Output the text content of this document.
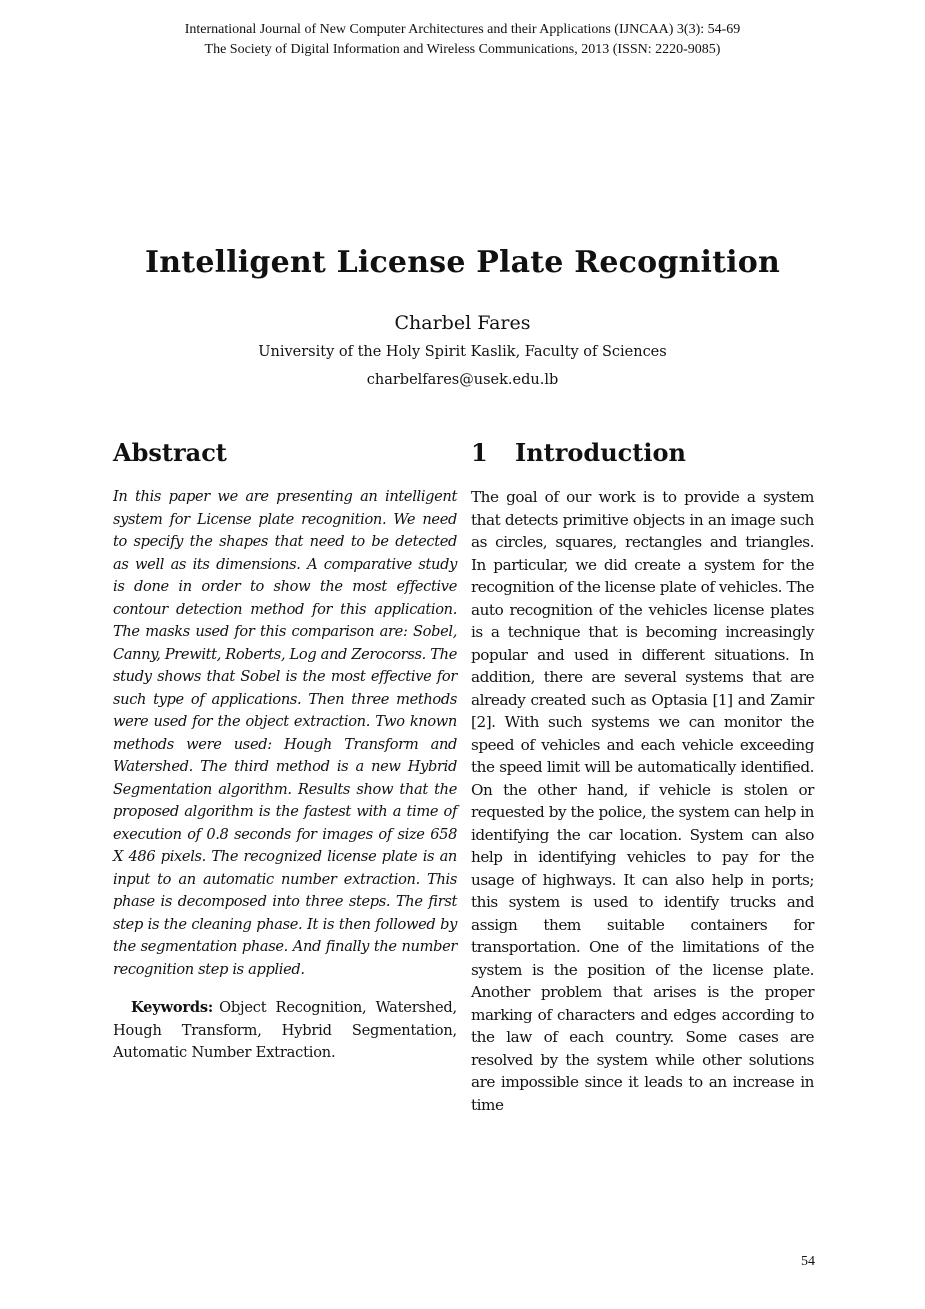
International Journal of New Computer Architectures and their Applications (IJNCAA) 3(3): 54-69
The Society of Digital Information and Wireless Communications, 2013 (ISSN: 2220-9085)
Intelligent License Plate Recognition
Charbel Fares
University of the Holy Spirit Kaslik, Faculty of Sciences
charbelfares@usek.edu.lb
Abstract

In this paper we are presenting an intelligent system for License plate recognition. We need to specify the shapes that need to be detected as well as its dimensions. A comparative study is done in order to show the most effective contour detection method for this application. The masks used for this comparison are: Sobel, Canny, Prewitt, Roberts, Log and Zerocorss. The study shows that Sobel is the most effective for such type of applications. Then three methods were used for the object extraction. Two known methods were used: Hough Transform and Watershed. The third method is a new Hybrid Segmentation algorithm. Results show that the proposed algorithm is the fastest with a time of execution of 0.8 seconds for images of size 658 X 486 pixels. The recognized license plate is an input to an automatic number extraction. This phase is decomposed into three steps. The first step is the cleaning phase. It is then followed by the segmentation phase. And finally the number recognition step is applied.

Keywords: Object Recognition, Watershed, Hough Transform, Hybrid Segmentation, Automatic Number Extraction.

1 Introduction

The goal of our work is to provide a system that detects primitive objects in an image such as circles, squares, rectangles and triangles. In particular, we did create a system for the recognition of the license plate of vehicles. The auto recognition of the vehicles license plates is a technique that is becoming increasingly popular and used in different situations. In addition, there are several systems that are already created such as Optasia [1] and Zamir [2]. With such systems we can monitor the speed of vehicles and each vehicle exceeding the speed limit will be automatically identified. On the other hand, if vehicle is stolen or requested by the police, the system can help in identifying the car location. System can also help in identifying vehicles to pay for the usage of highways. It can also help in ports; this system is used to identify trucks and assign them suitable containers for transportation. One of the limitations of the system is the position of the license plate. Another problem that arises is the proper marking of characters and edges according to the law of each country. Some cases are resolved by the system while other solutions are impossible since it leads to an increase in time

54
